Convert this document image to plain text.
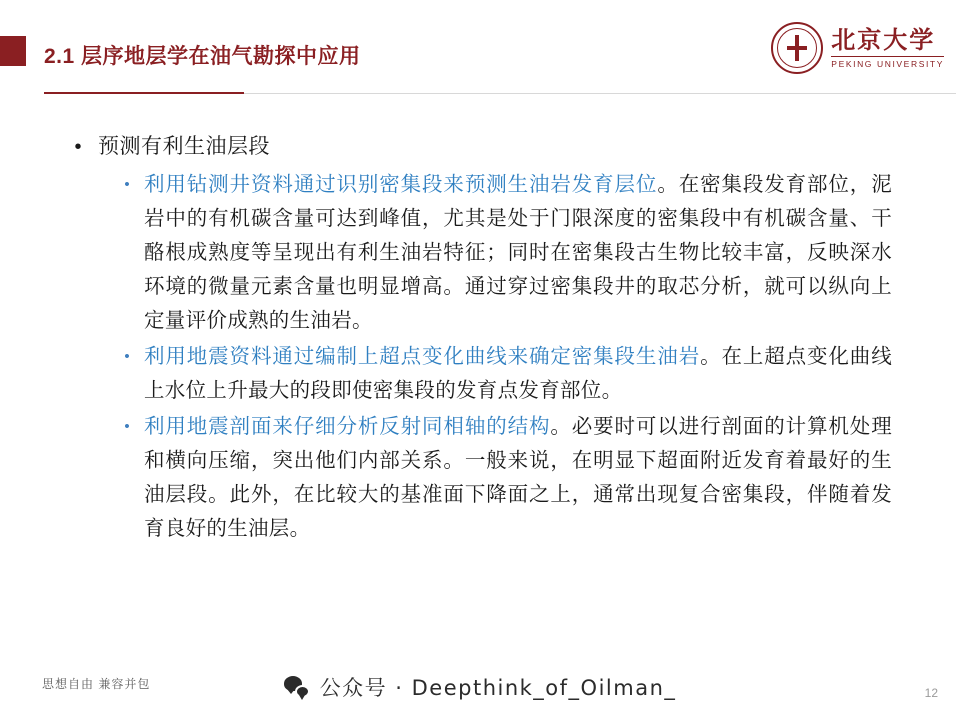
2.1 层序地层学在油气勘探中应用
北京大学
PEKING UNIVERSITY
• 预测有利生油层段
• 利用钻测井资料通过识别密集段来预测生油岩发育层位。在密集段发育部位，泥岩中的有机碳含量可达到峰值，尤其是处于门限深度的密集段中有机碳含量、干酪根成熟度等呈现出有利生油岩特征；同时在密集段古生物比较丰富，反映深水环境的微量元素含量也明显增高。通过穿过密集段井的取芯分析，就可以纵向上定量评价成熟的生油岩。
• 利用地震资料通过编制上超点变化曲线来确定密集段生油岩。在上超点变化曲线上水位上升最大的段即使密集段的发育点发育部位。
• 利用地震剖面来仔细分析反射同相轴的结构。必要时可以进行剖面的计算机处理和横向压缩，突出他们内部关系。一般来说，在明显下超面附近发育着最好的生油层段。此外，在比较大的基准面下降面之上，通常出现复合密集段，伴随着发育良好的生油层。
思想自由 兼容并包	公众号 · Deepthink_of_Oilman_	12
